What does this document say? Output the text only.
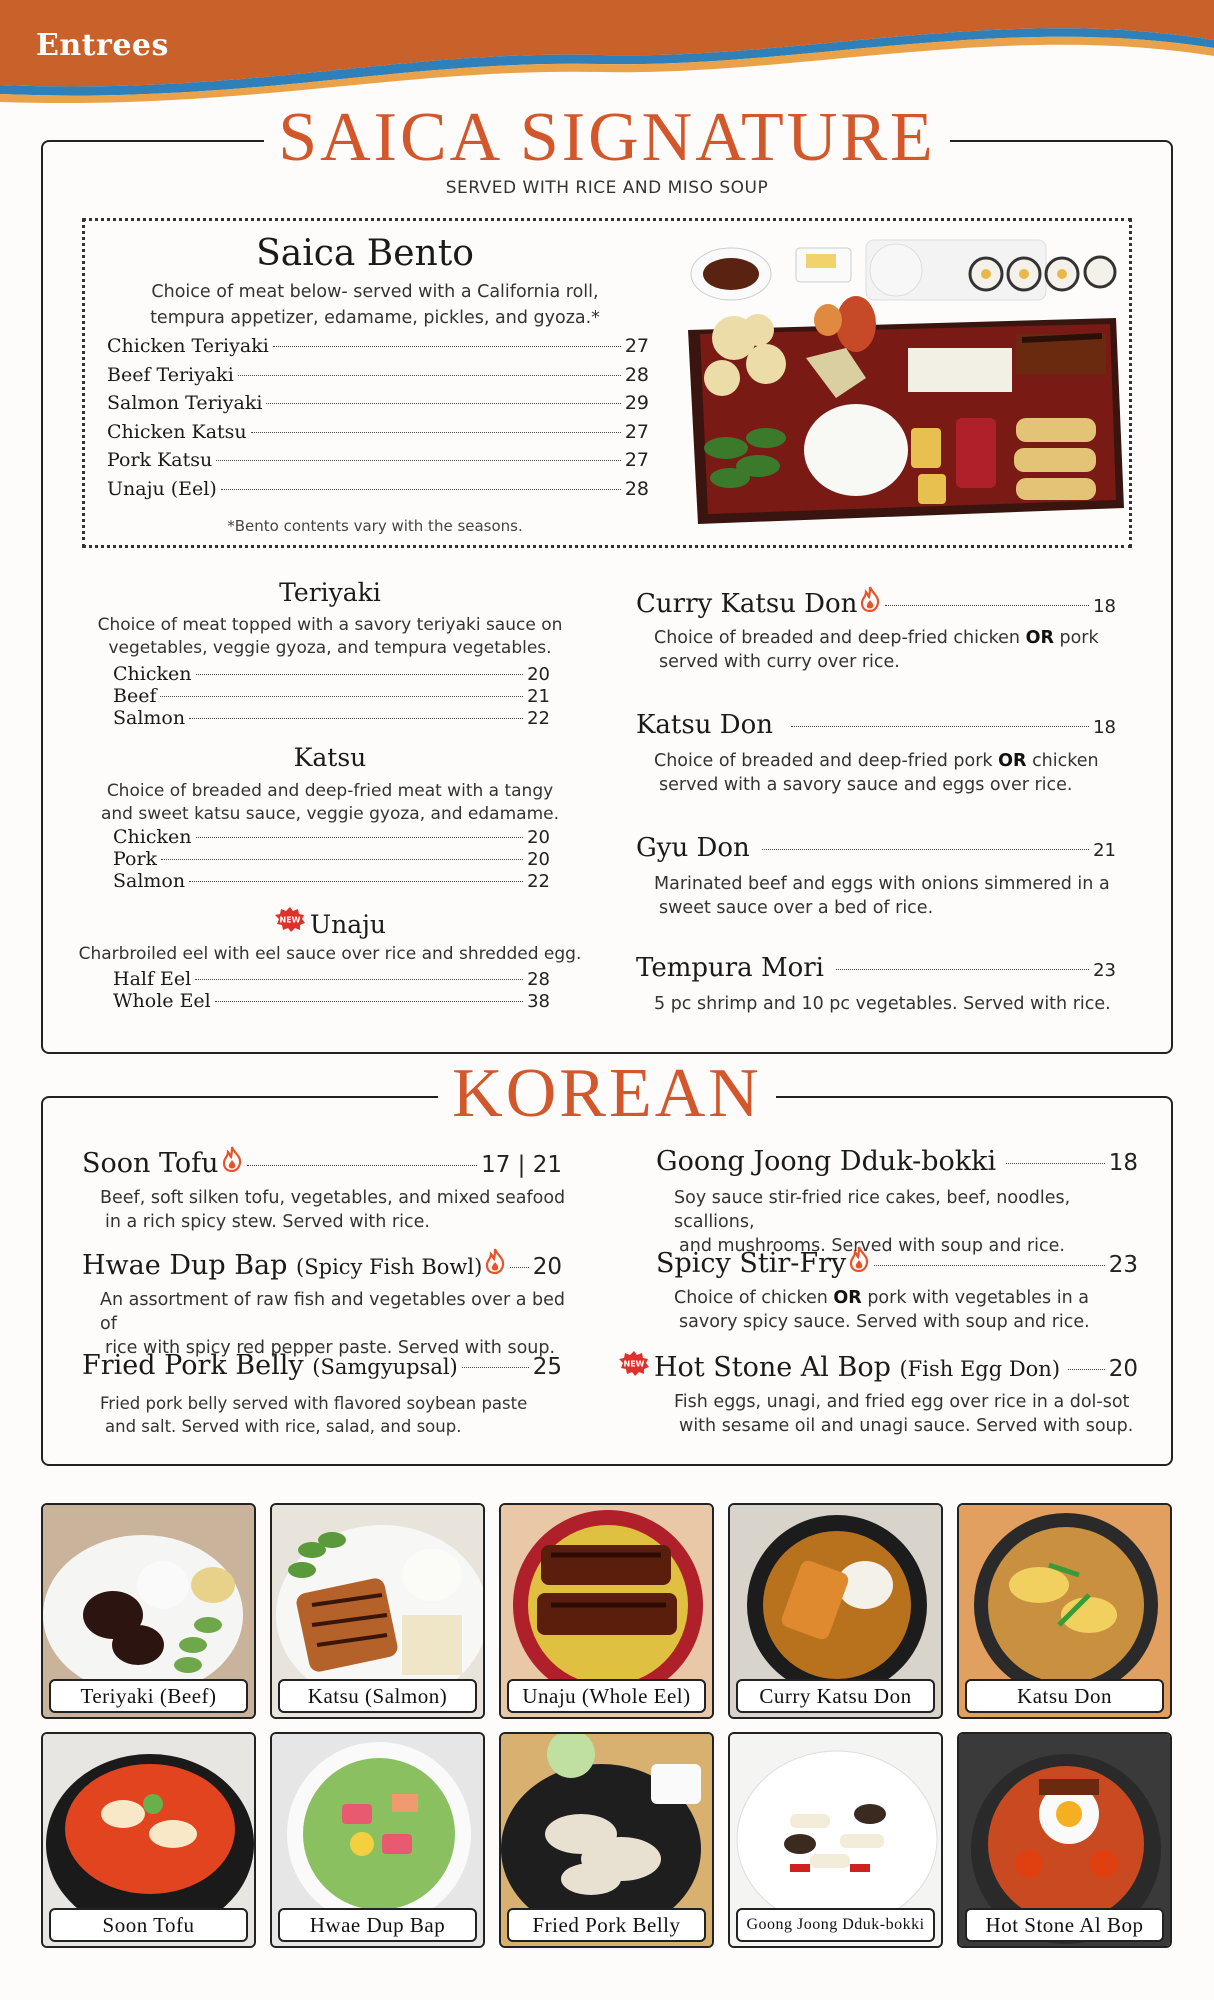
Entrees
SAICA SIGNATURE
SERVED WITH RICE AND MISO SOUP
Saica Bento
Choice of meat below- served with a California roll,
tempura appetizer, edamame, pickles, and gyoza.*
Chicken Teriyaki	27
Beef Teriyaki	28
Salmon Teriyaki	29
Chicken Katsu	27
Pork Katsu	27
Unaju (Eel)	28
*Bento contents vary with the seasons.
Teriyaki
Choice of meat topped with a savory teriyaki sauce on
vegetables, veggie gyoza, and tempura vegetables.
Chicken	20
Beef	21
Salmon	22
Katsu
Choice of breaded and deep-fried meat with a tangy
and sweet katsu sauce, veggie gyoza, and edamame.
Chicken	20
Pork	20
Salmon	22
NEW Unaju
Charbroiled eel with eel sauce over rice and shredded egg.
Half Eel	28
Whole Eel	38
Curry Katsu Don	18
Choice of breaded and deep-fried chicken OR pork
served with curry over rice.
Katsu Don	18
Choice of breaded and deep-fried pork OR chicken
served with a savory sauce and eggs over rice.
Gyu Don	21
Marinated beef and eggs with onions simmered in a
sweet sauce over a bed of rice.
Tempura Mori	23
5 pc shrimp and 10 pc vegetables. Served with rice.
KOREAN
Soon Tofu	17 | 21
Beef, soft silken tofu, vegetables, and mixed seafood
in a rich spicy stew. Served with rice.
Hwae Dup Bap (Spicy Fish Bowl) 20
An assortment of raw fish and vegetables over a bed of
rice with spicy red pepper paste. Served with soup.
Fried Pork Belly (Samgyupsal)	25
Fried pork belly served with flavored soybean paste
and salt. Served with rice, salad, and soup.
Goong Joong Dduk-bokki	18
Soy sauce stir-fried rice cakes, beef, noodles, scallions,
and mushrooms. Served with soup and rice.
Spicy Stir-Fry	23
Choice of chicken OR pork with vegetables in a
savory spicy sauce. Served with soup and rice.
NEW Hot Stone Al Bop (Fish Egg Don) 20
Fish eggs, unagi, and fried egg over rice in a dol-sot
with sesame oil and unagi sauce. Served with soup.
Teriyaki (Beef)	Katsu (Salmon)	Unaju (Whole Eel)	Curry Katsu Don	Katsu Don
Soon Tofu	Hwae Dup Bap	Fried Pork Belly	Goong Joong Dduk-bokki	Hot Stone Al Bop
